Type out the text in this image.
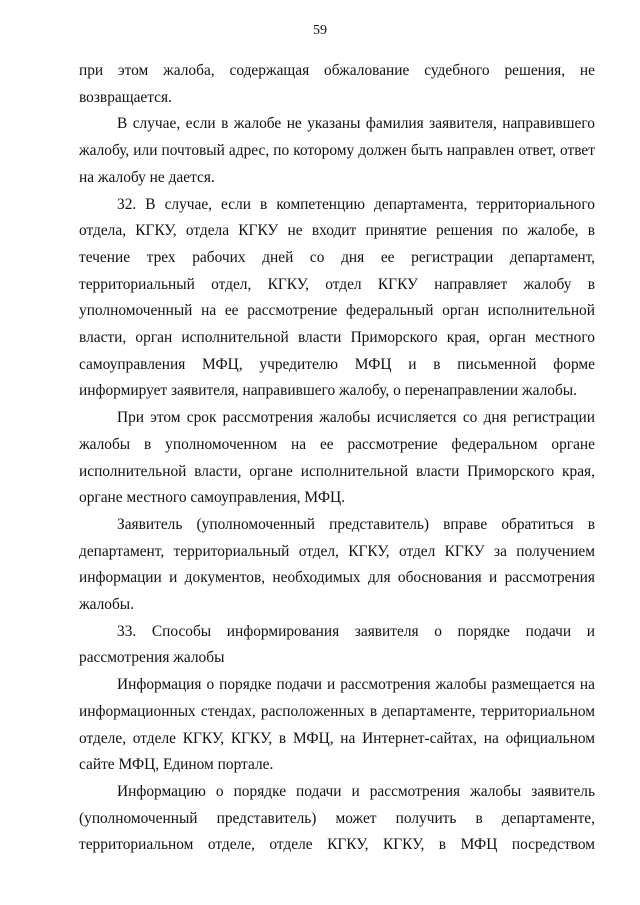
59

при этом жалоба, содержащая обжалование судебного решения, не возвращается.

В случае, если в жалобе не указаны фамилия заявителя, направившего жалобу, или почтовый адрес, по которому должен быть направлен ответ, ответ на жалобу не дается.

32. В случае, если в компетенцию департамента, территориального отдела, КГКУ, отдела КГКУ не входит принятие решения по жалобе, в течение трех рабочих дней со дня ее регистрации департамент, территориальный отдел, КГКУ, отдел КГКУ направляет жалобу в уполномоченный на ее рассмотрение федеральный орган исполнительной власти, орган исполнительной власти Приморского края, орган местного самоуправления МФЦ, учредителю МФЦ и в письменной форме информирует заявителя, направившего жалобу, о перенаправлении жалобы.

При этом срок рассмотрения жалобы исчисляется со дня регистрации жалобы в уполномоченном на ее рассмотрение федеральном органе исполнительной власти, органе исполнительной власти Приморского края, органе местного самоуправления, МФЦ.

Заявитель (уполномоченный представитель) вправе обратиться в департамент, территориальный отдел, КГКУ, отдел КГКУ за получением информации и документов, необходимых для обоснования и рассмотрения жалобы.

33. Способы информирования заявителя о порядке подачи и рассмотрения жалобы

Информация о порядке подачи и рассмотрения жалобы размещается на информационных стендах, расположенных в департаменте, территориальном отделе, отделе КГКУ, КГКУ, в МФЦ, на Интернет-сайтах, на официальном сайте МФЦ, Едином портале.

Информацию о порядке подачи и рассмотрения жалобы заявитель (уполномоченный представитель) может получить в департаменте, территориальном отделе, отделе КГКУ, КГКУ, в МФЦ посредством
